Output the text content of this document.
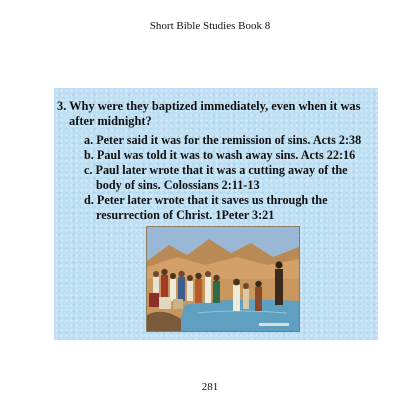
Short Bible Studies Book 8
3. Why were they baptized immediately, even when it was
after midnight?
a. Peter said it was for the remission of sins. Acts 2:38
b. Paul was told it was to wash away sins. Acts 22:16
c. Paul later wrote that it was a cutting away of the
body of sins. Colossians 2:11-13
d. Peter later wrote that it saves us through the
resurrection of Christ. 1Peter 3:21
281
